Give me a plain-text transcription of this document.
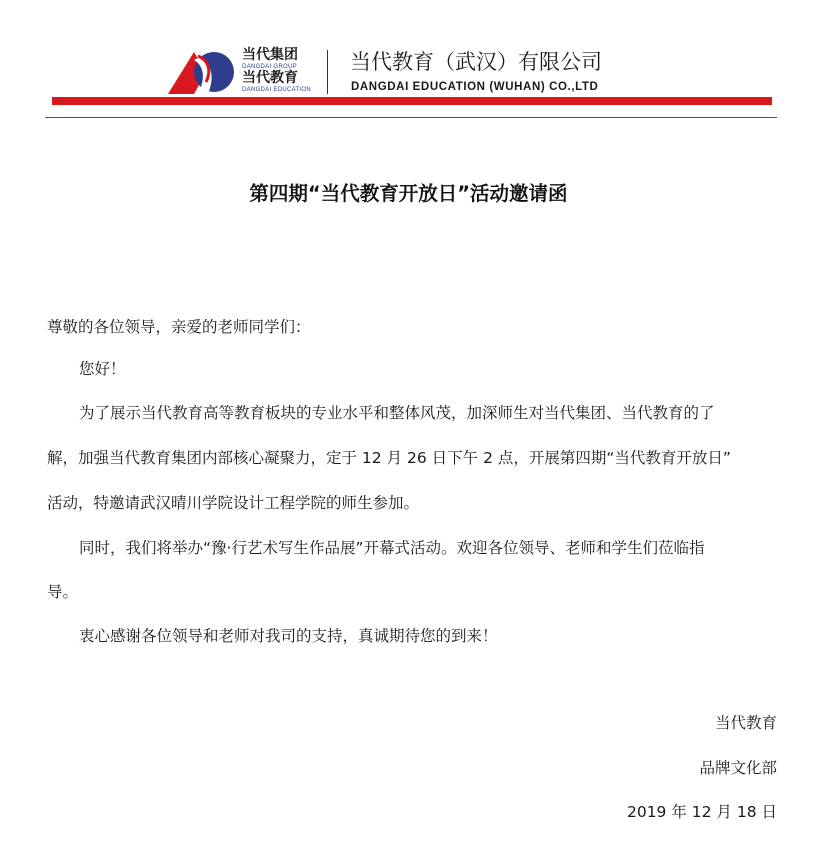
当代集团
DANGDAI GROUP
当代教育
DANGDAI EDUCATION
当代教育（武汉）有限公司
DANGDAI EDUCATION (WUHAN) CO.,LTD
第四期“当代教育开放日”活动邀请函
尊敬的各位领导，亲爱的老师同学们：
您好！
为了展示当代教育高等教育板块的专业水平和整体风茂，加深师生对当代集团、当代教育的了
解，加强当代教育集团内部核心凝聚力，定于 12 月 26 日下午 2 点，开展第四期“当代教育开放日”
活动，特邀请武汉晴川学院设计工程学院的师生参加。
同时，我们将举办“豫·行艺术写生作品展”开幕式活动。欢迎各位领导、老师和学生们莅临指
导。
衷心感谢各位领导和老师对我司的支持，真诚期待您的到来！
当代教育
品牌文化部
2019 年 12 月 18 日
